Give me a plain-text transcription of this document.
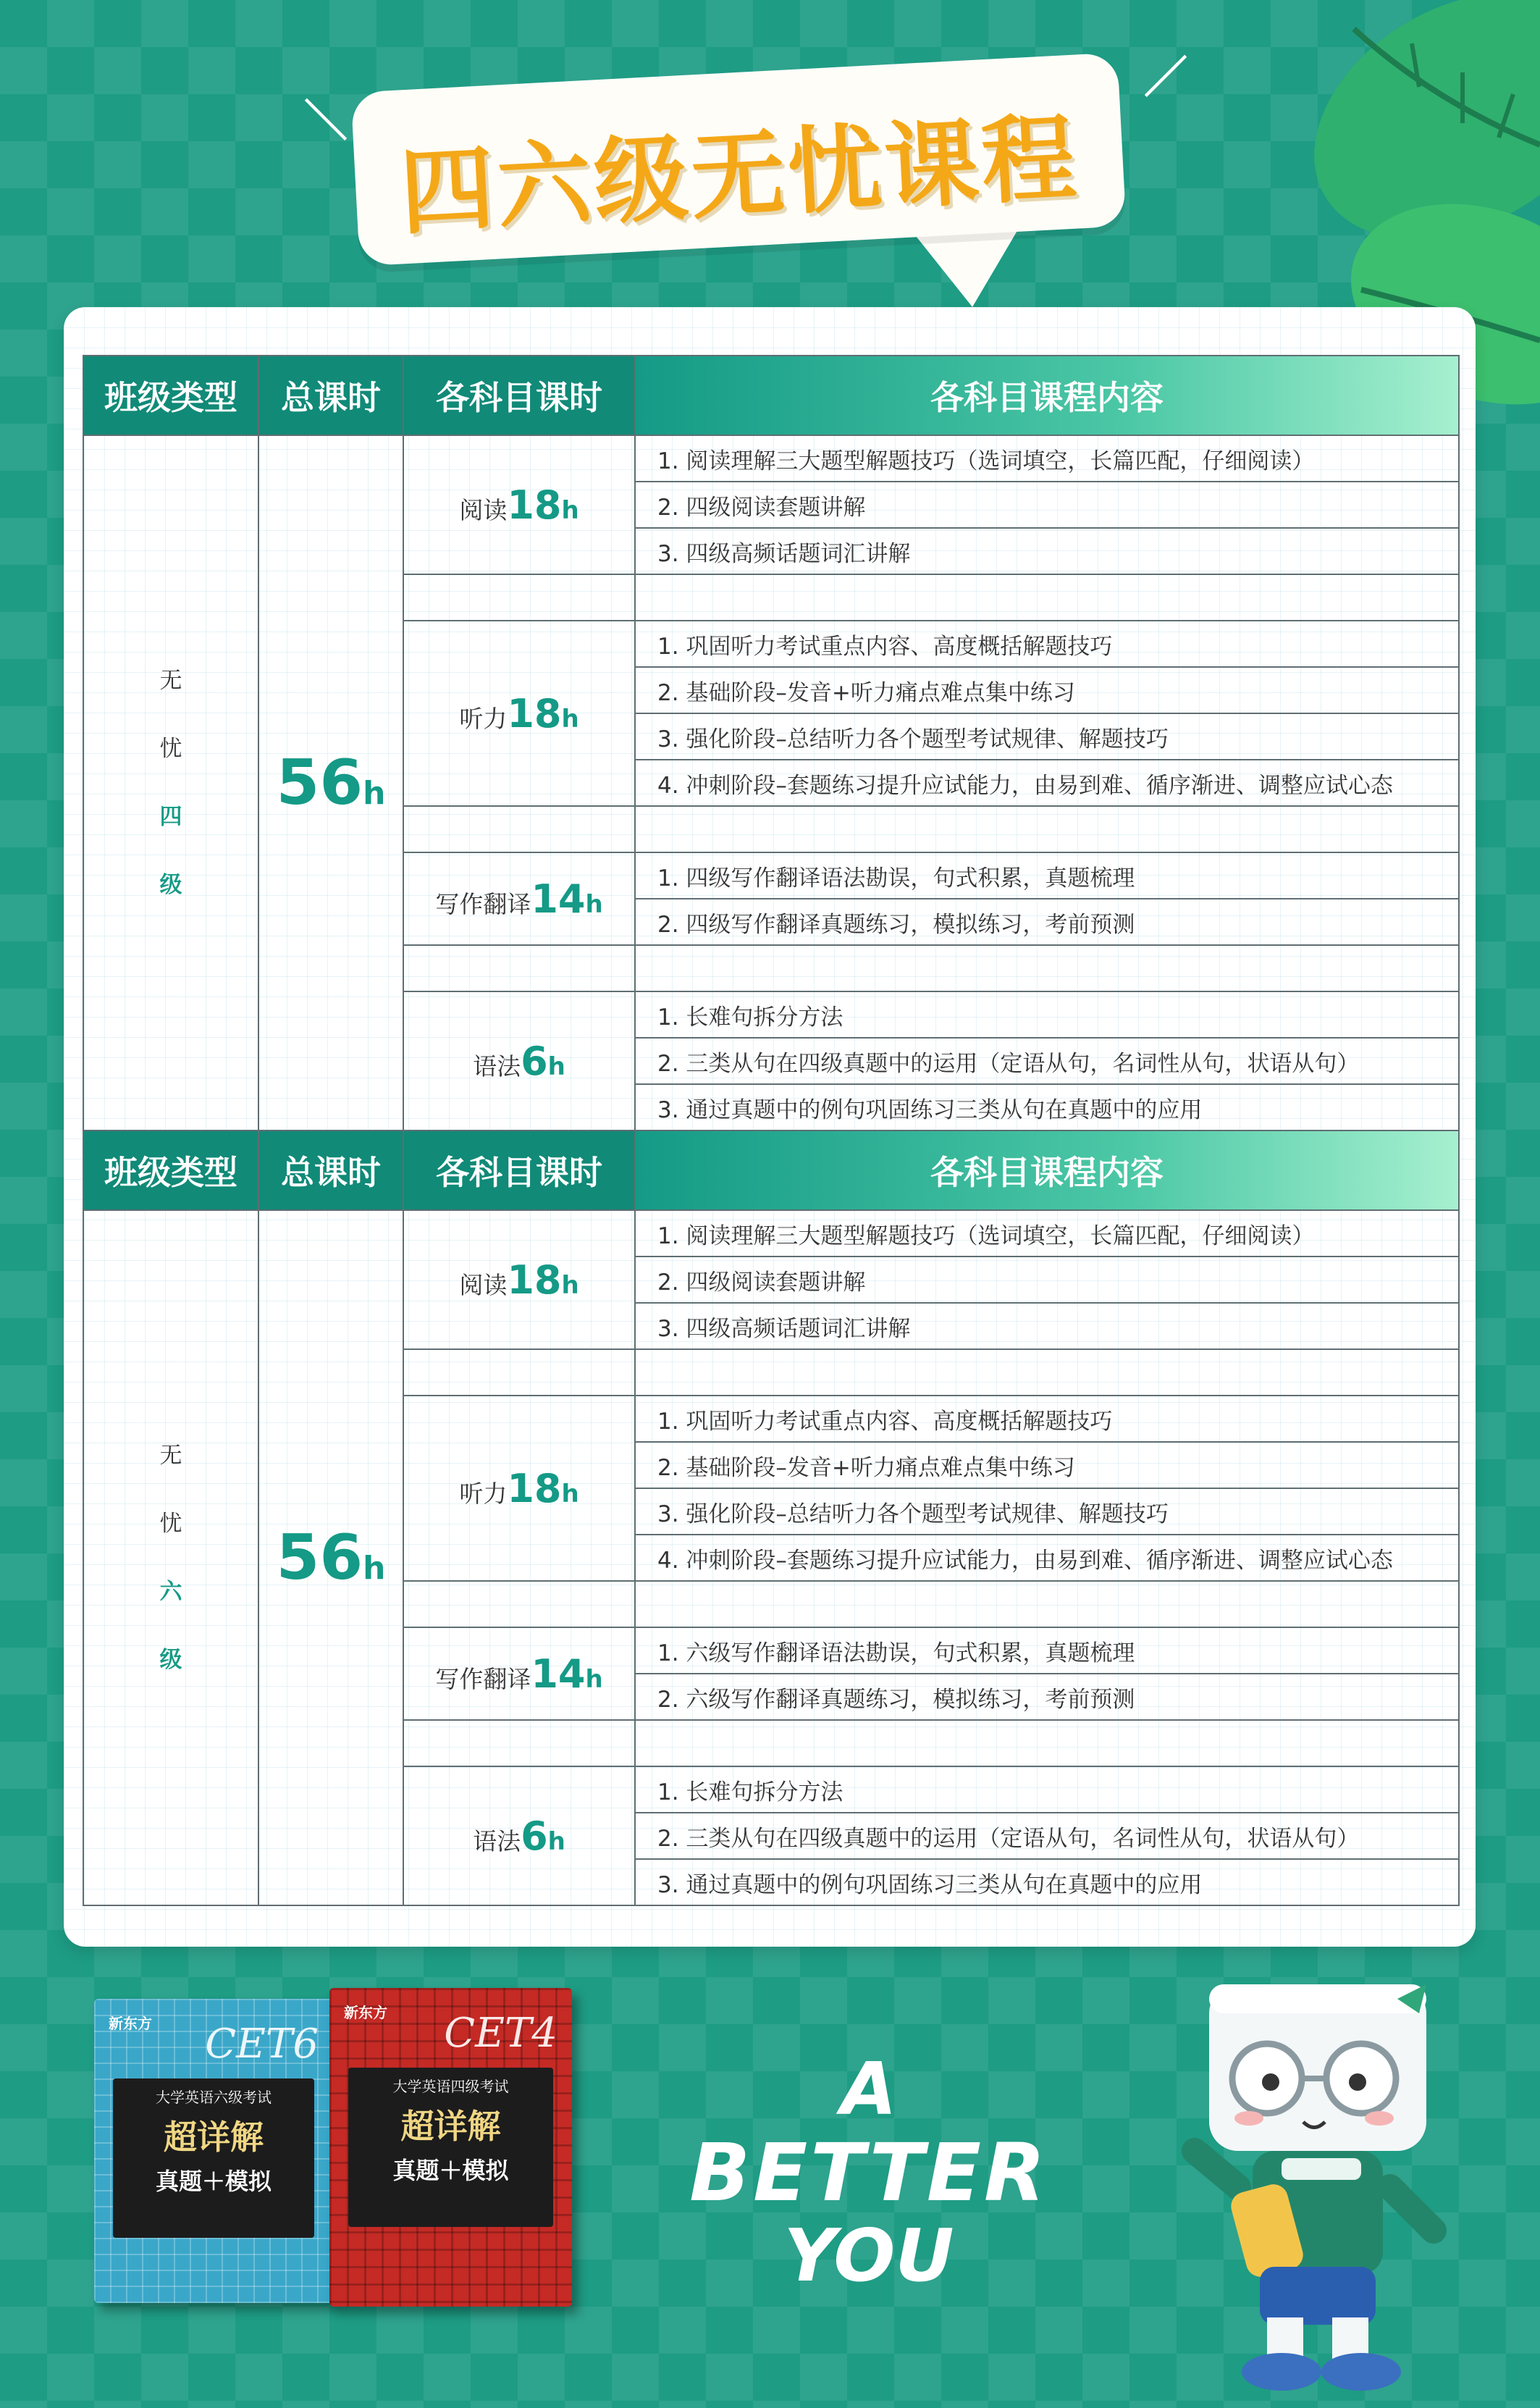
四六级无忧课程
＼
／
班级类型	总课时	各科目课时	各科目课程内容

无
忧
四
级	56h	阅读18h	1. 阅读理解三大题型解题技巧（选词填空，长篇匹配，仔细阅读）
			2. 四级阅读套题讲解
			3. 四级高频话题词汇讲解

		听力18h	1. 巩固听力考试重点内容、高度概括解题技巧
			2. 基础阶段–发音+听力痛点难点集中练习
			3. 强化阶段–总结听力各个题型考试规律、解题技巧
			4. 冲刺阶段–套题练习提升应试能力，由易到难、循序渐进、调整应试心态

		写作翻译14h	1. 四级写作翻译语法勘误，句式积累，真题梳理
			2. 四级写作翻译真题练习，模拟练习，考前预测

		语法6h	1. 长难句拆分方法
			2. 三类从句在四级真题中的运用（定语从句，名词性从句，状语从句）
			3. 通过真题中的例句巩固练习三类从句在真题中的应用
班级类型	总课时	各科目课时	各科目课程内容

无
忧
六
级	56h	阅读18h	1. 阅读理解三大题型解题技巧（选词填空，长篇匹配，仔细阅读）
			2. 四级阅读套题讲解
			3. 四级高频话题词汇讲解

		听力18h	1. 巩固听力考试重点内容、高度概括解题技巧
			2. 基础阶段–发音+听力痛点难点集中练习
			3. 强化阶段–总结听力各个题型考试规律、解题技巧
			4. 冲刺阶段–套题练习提升应试能力，由易到难、循序渐进、调整应试心态

		写作翻译14h	1. 六级写作翻译语法勘误，句式积累，真题梳理
			2. 六级写作翻译真题练习，模拟练习，考前预测

		语法6h	1. 长难句拆分方法
			2. 三类从句在四级真题中的运用（定语从句，名词性从句，状语从句）
			3. 通过真题中的例句巩固练习三类从句在真题中的应用
新东方 CET6
大学英语六级考试
超详解
真题＋模拟
新东方 CET4
大学英语四级考试
超详解
真题＋模拟
A
BETTER
YOU
